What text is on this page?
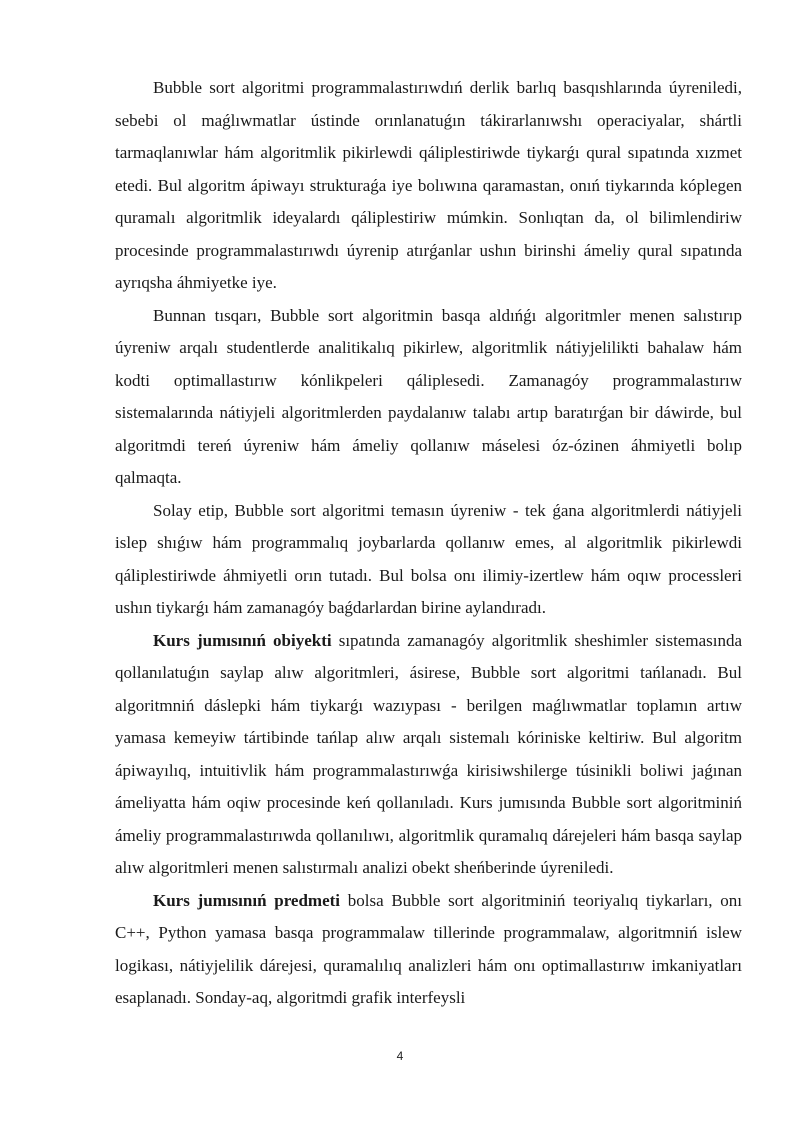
Bubble sort algoritmi programmalastırıwdıń derlik barlıq basqıshlarında úyreniledi, sebebi ol maǵlıwmatlar ústinde orınlanatuǵın tákirarlanıwshı operaciyalar, shártli tarmaqlanıwlar hám algoritmlik pikirlewdi qáliplestiriwde tiykarǵı qural sıpatında xızmet etedi. Bul algoritm ápiwayı strukturaǵa iye bolıwına qaramastan, onıń tiykarında kóplegen quramalı algoritmlik ideyalardı qáliplestiriw múmkin. Sonlıqtan da, ol bilimlendiriw procesinde programmalastırıwdı úyrenip atırǵanlar ushın birinshi ámeliy qural sıpatında ayrıqsha áhmiyetke iye.

Bunnan tısqarı, Bubble sort algoritmin basqa aldıńǵı algoritmler menen salıstırıp úyreniw arqalı studentlerde analitikalıq pikirlew, algoritmlik nátiyjelilikti bahalaw hám kodti optimallastırıw kónlikpeleri qáliplesedi. Zamanagóy programmalastırıw sistemalarında nátiyjeli algoritmlerden paydalanıw talabı artıp baratırǵan bir dáwirde, bul algoritmdi tereń úyreniw hám ámeliy qollanıw máselesi óz-ózinen áhmiyetli bolıp qalmaqta.

Solay etip, Bubble sort algoritmi temasın úyreniw - tek ǵana algoritmlerdi nátiyjeli islep shıǵıw hám programmalıq joybarlarda qollanıw emes, al algoritmlik pikirlewdi qáliplestiriwde áhmiyetli orın tutadı. Bul bolsa onı ilimiy-izertlew hám oqıw processleri ushın tiykarǵı hám zamanagóy baǵdarlardan birine aylandıradı.

Kurs jumısınıń obiyekti sıpatında zamanagóy algoritmlik sheshimler sistemasında qollanılatuǵın saylap alıw algoritmleri, ásirese, Bubble sort algoritmi tańlanadı. Bul algoritmniń dáslepki hám tiykarǵı wazıypası - berilgen maǵlıwmatlar toplamın artıw yamasa kemeyiw tártibinde tańlap alıw arqalı sistemalı kóriniske keltiriw. Bul algoritm ápiwayılıq, intuitivlik hám programmalastırıwǵa kirisiwshilerge túsinikli boliwi jaǵınan ámeliyatta hám oqiw procesinde keń qollanıladı. Kurs jumısında Bubble sort algoritminiń ámeliy programmalastırıwda qollanılıwı, algoritmlik quramalıq dárejeleri hám basqa saylap alıw algoritmleri menen salıstırmalı analizi obekt sheńberinde úyreniledi.

Kurs jumısınıń predmeti bolsa Bubble sort algoritminiń teoriyalıq tiykarları, onı C++, Python yamasa basqa programmalaw tillerinde programmalaw, algoritmniń islew logikası, nátiyjelilik dárejesi, quramalılıq analizleri hám onı optimallastırıw imkaniyatları esaplanadı. Sonday-aq, algoritmdi grafik interfeysli

4
